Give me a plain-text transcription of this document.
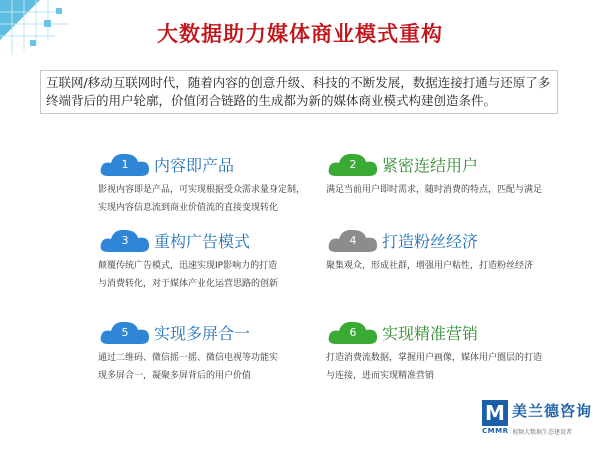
大数据助力媒体商业模式重构
互联网/移动互联网时代，随着内容的创意升级、科技的不断发展，数据连接打通与还原了多终端背后的用户轮廓，价值闭合链路的生成都为新的媒体商业模式构建创造条件。
1	内容即产品
影视内容即是产品，可实现根据受众需求量身定制，
实现内容信息流到商业价值流的直接变现转化
2	紧密连结用户
满足当前用户即时需求，随时消费的特点，匹配与满足
3	重构广告模式
颠覆传统广告模式，迅速实现IP影响力的打造
与消费转化，对于媒体产业化运营思路的创新
4	打造粉丝经济
聚集观众，形成社群，增强用户粘性，打造粉丝经济
5	实现多屏合一
通过二维码、微信摇一摇、微信电视等功能实
现多屏合一，凝聚多屏背后的用户价值
6	实现精准营销
打造消费流数据，掌握用户画像，媒体用户圈层的打造
与连接，进而实现精准营销
M 美兰德咨询
CMMR 视频大数据生态建设者
